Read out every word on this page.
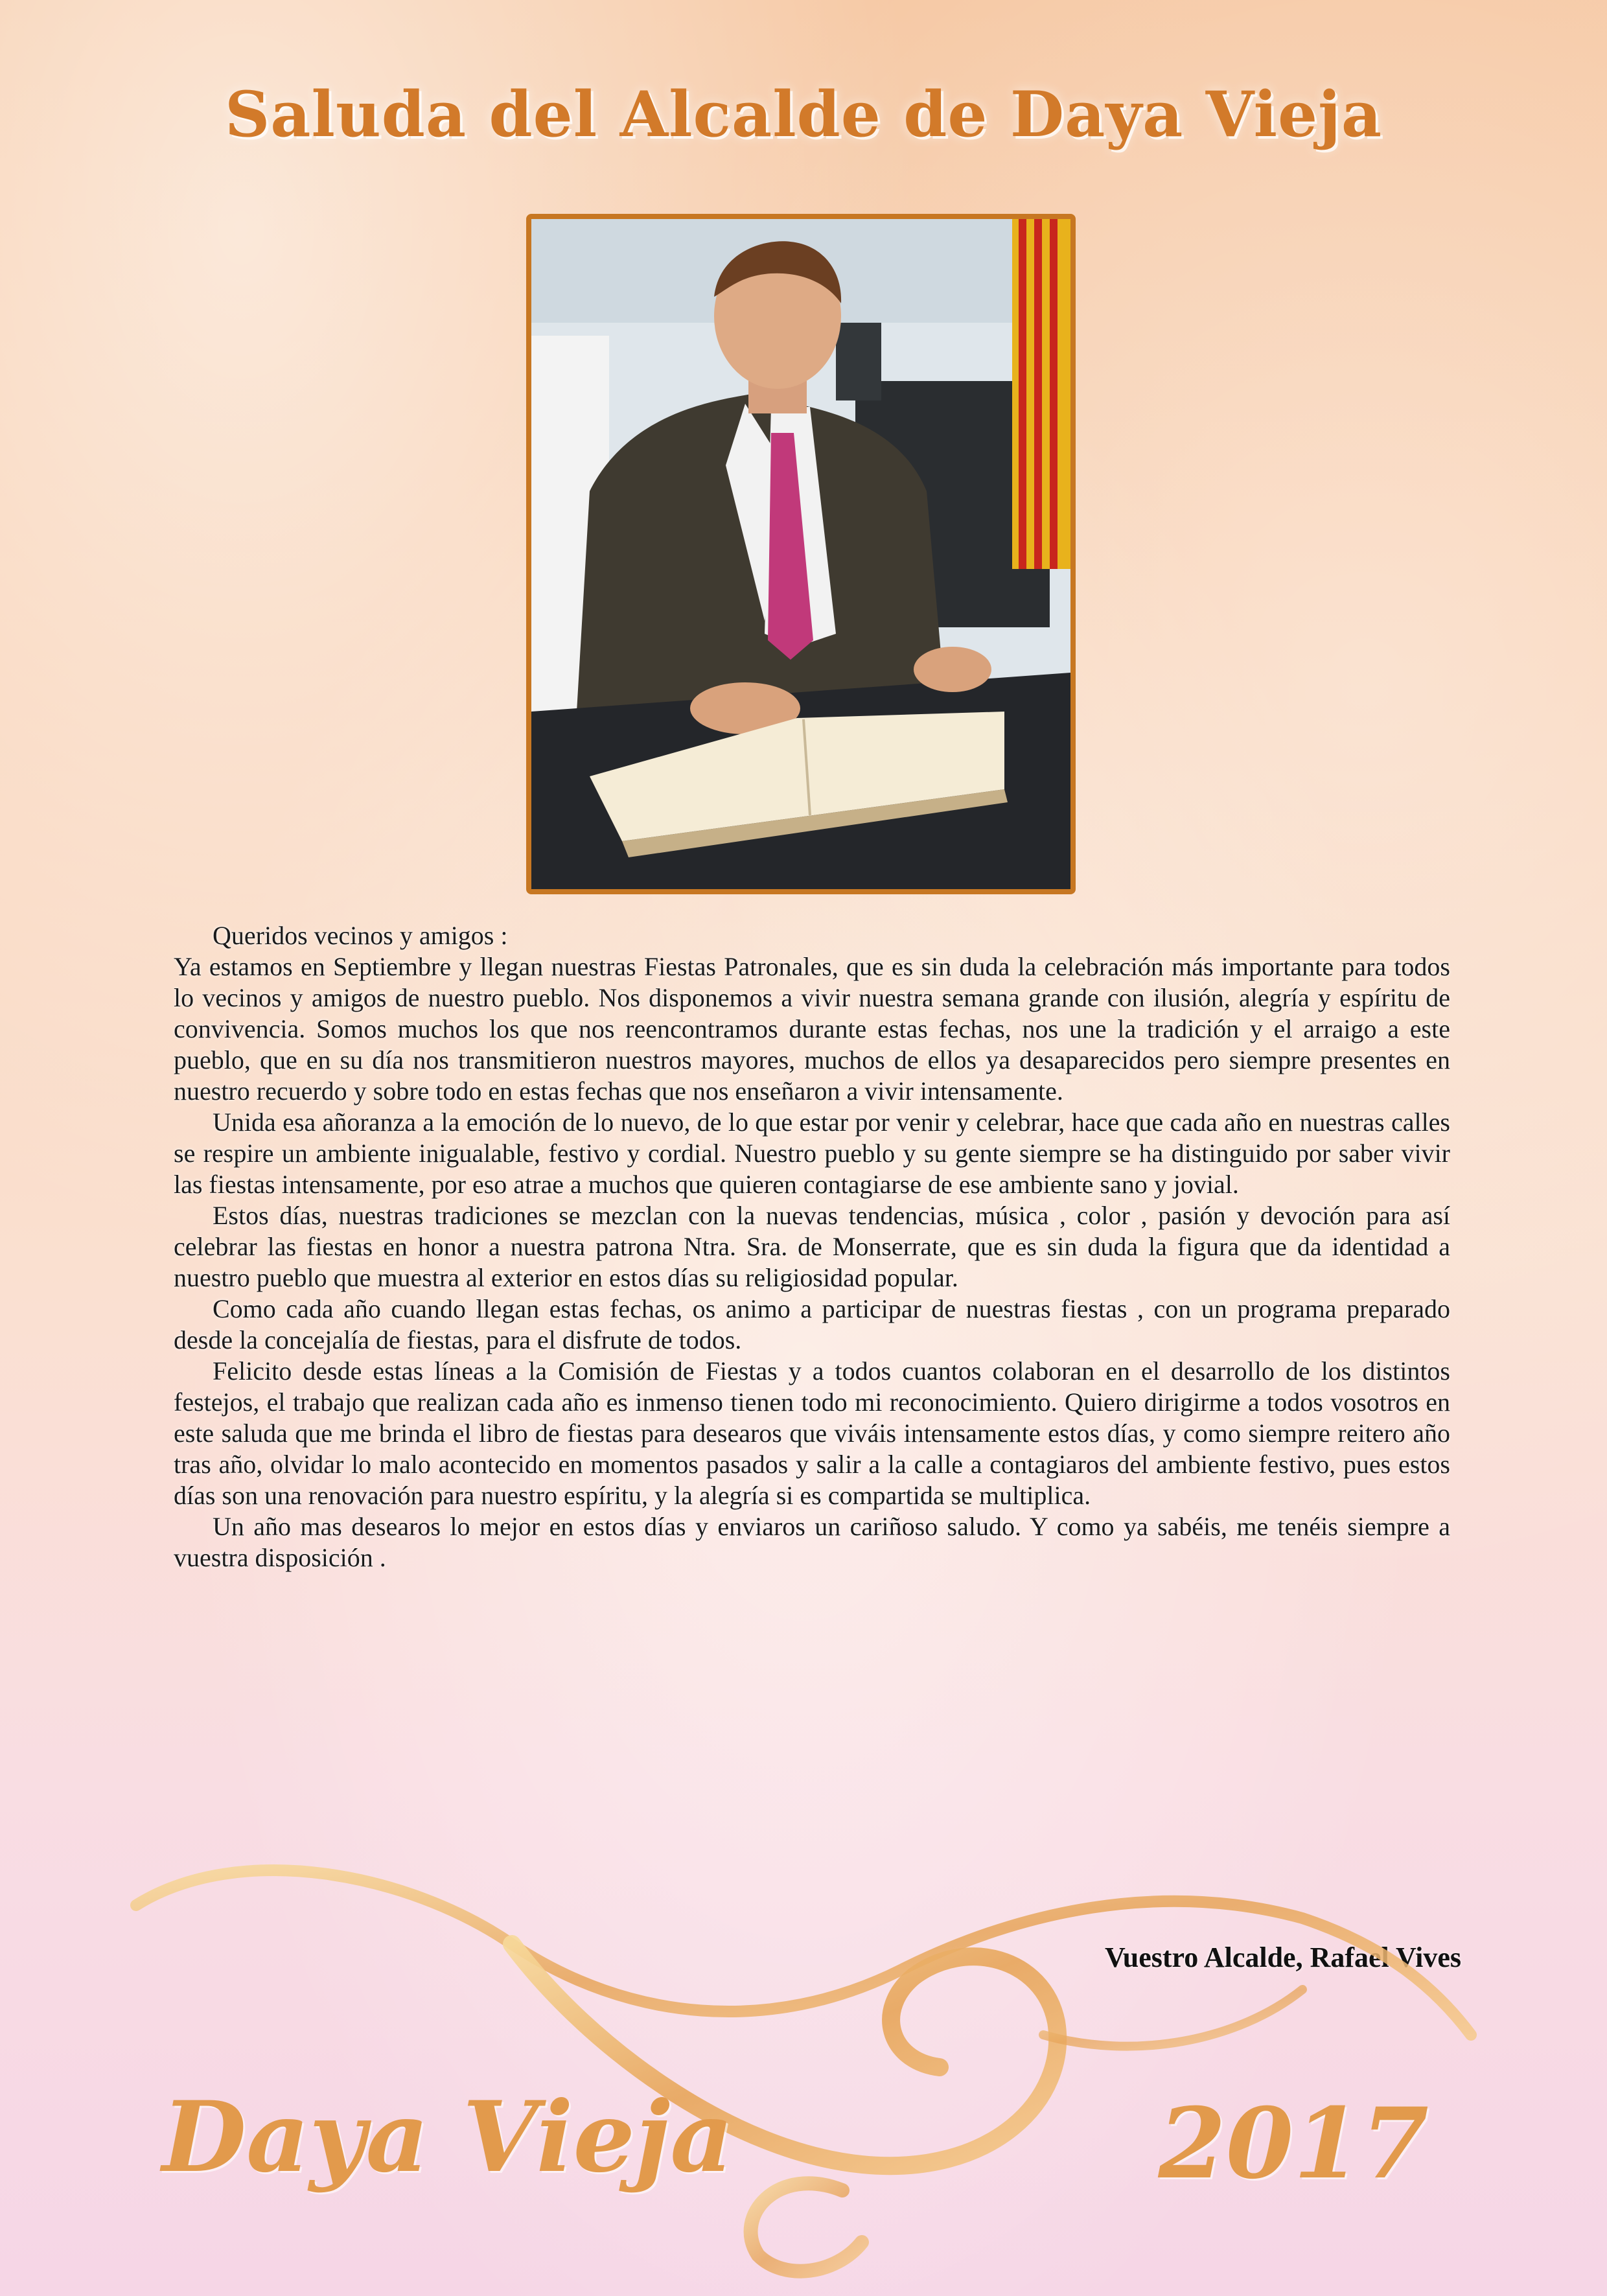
Saluda del Alcalde de Daya Vieja

Queridos vecinos y amigos :

Ya estamos en Septiembre y llegan nuestras Fiestas Patronales, que es sin duda la celebración más importante para todos lo vecinos y amigos de nuestro pueblo. Nos disponemos a vivir nuestra semana grande con ilusión, alegría y espíritu de convivencia. Somos muchos los que nos reencontramos durante estas fechas, nos une la tradición y el arraigo a este pueblo, que en su día nos transmitieron nuestros mayores, muchos de ellos ya desaparecidos pero siempre presentes en nuestro recuerdo y sobre todo en estas fechas que nos enseñaron a vivir intensamente.

Unida esa añoranza a la emoción de lo nuevo, de lo que estar por venir y celebrar, hace que cada año en nuestras calles se respire un ambiente inigualable, festivo y cordial. Nuestro pueblo y su gente siempre se ha distinguido por saber vivir las fiestas intensamente, por eso atrae a muchos que quieren contagiarse de ese ambiente sano y jovial.

Estos días, nuestras tradiciones se mezclan con la nuevas tendencias, música , color , pasión y devoción para así celebrar las fiestas en honor a nuestra patrona Ntra. Sra. de Monserrate, que es sin duda la figura que da identidad a nuestro pueblo que muestra al exterior en estos días su religiosidad popular.

Como cada año cuando llegan estas fechas, os animo a participar de nuestras fiestas , con un programa preparado desde la concejalía de fiestas, para el disfrute de todos.

Felicito desde estas líneas a la Comisión de Fiestas y a todos cuantos colaboran en el desarrollo de los distintos festejos, el trabajo que realizan cada año es inmenso tienen todo mi reconocimiento. Quiero dirigirme a todos vosotros en este saluda que me brinda el libro de fiestas para desearos que viváis intensamente estos días, y como siempre reitero año tras año, olvidar lo malo acontecido en momentos pasados y salir a la calle a contagiaros del ambiente festivo, pues estos días son una renovación para nuestro espíritu, y la alegría si es compartida se multiplica.

Un año mas desearos lo mejor en estos días y enviaros un cariñoso saludo. Y como ya sabéis, me tenéis siempre a vuestra disposición .

Vuestro Alcalde, Rafael Vives
Daya Vieja	2017
